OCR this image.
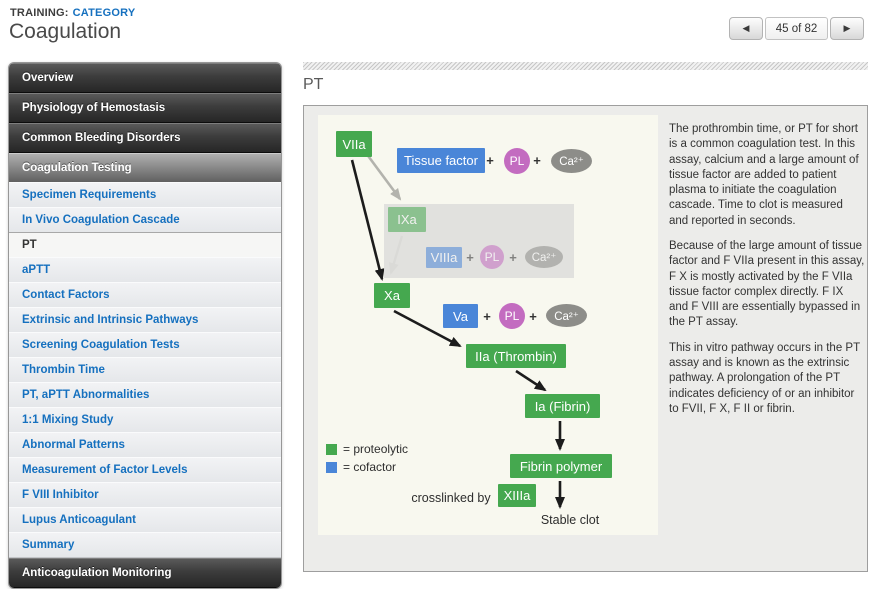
TRAINING: CATEGORY
Coagulation	◀	45 of 82	▶
Overview
Physiology of Hemostasis
Common Bleeding Disorders
Coagulation Testing
Specimen Requirements
In Vivo Coagulation Cascade
PT
aPTT
Contact Factors
Extrinsic and Intrinsic Pathways
Screening Coagulation Tests
Thrombin Time
PT, aPTT Abnormalities
1:1 Mixing Study
Abnormal Patterns
Measurement of Factor Levels
F VIII Inhibitor
Lupus Anticoagulant
Summary
Anticoagulation Monitoring
PT
VIIa
Tissue factor +	PL +	Ca²⁺
IXa
VIIIa + PL +	Ca²⁺
Xa
Va	+	PL +	Ca²⁺
IIa (Thrombin)
Ia (Fibrin)
Fibrin polymer
crosslinked by	XIIIa
Stable clot
= proteolytic
= cofactor

The prothrombin time, or PT for short is a common coagulation test. In this assay, calcium and a large amount of tissue factor are added to patient plasma to initiate the coagulation cascade. Time to clot is measured and reported in seconds.

Because of the large amount of tissue factor and F VIIa present in this assay, F X is mostly activated by the F VIIa tissue factor complex directly. F IX and F VIII are essentially bypassed in the PT assay.

This in vitro pathway occurs in the PT assay and is known as the extrinsic pathway. A prolongation of the PT indicates deficiency of or an inhibitor to FVII, F X, F II or fibrin.
